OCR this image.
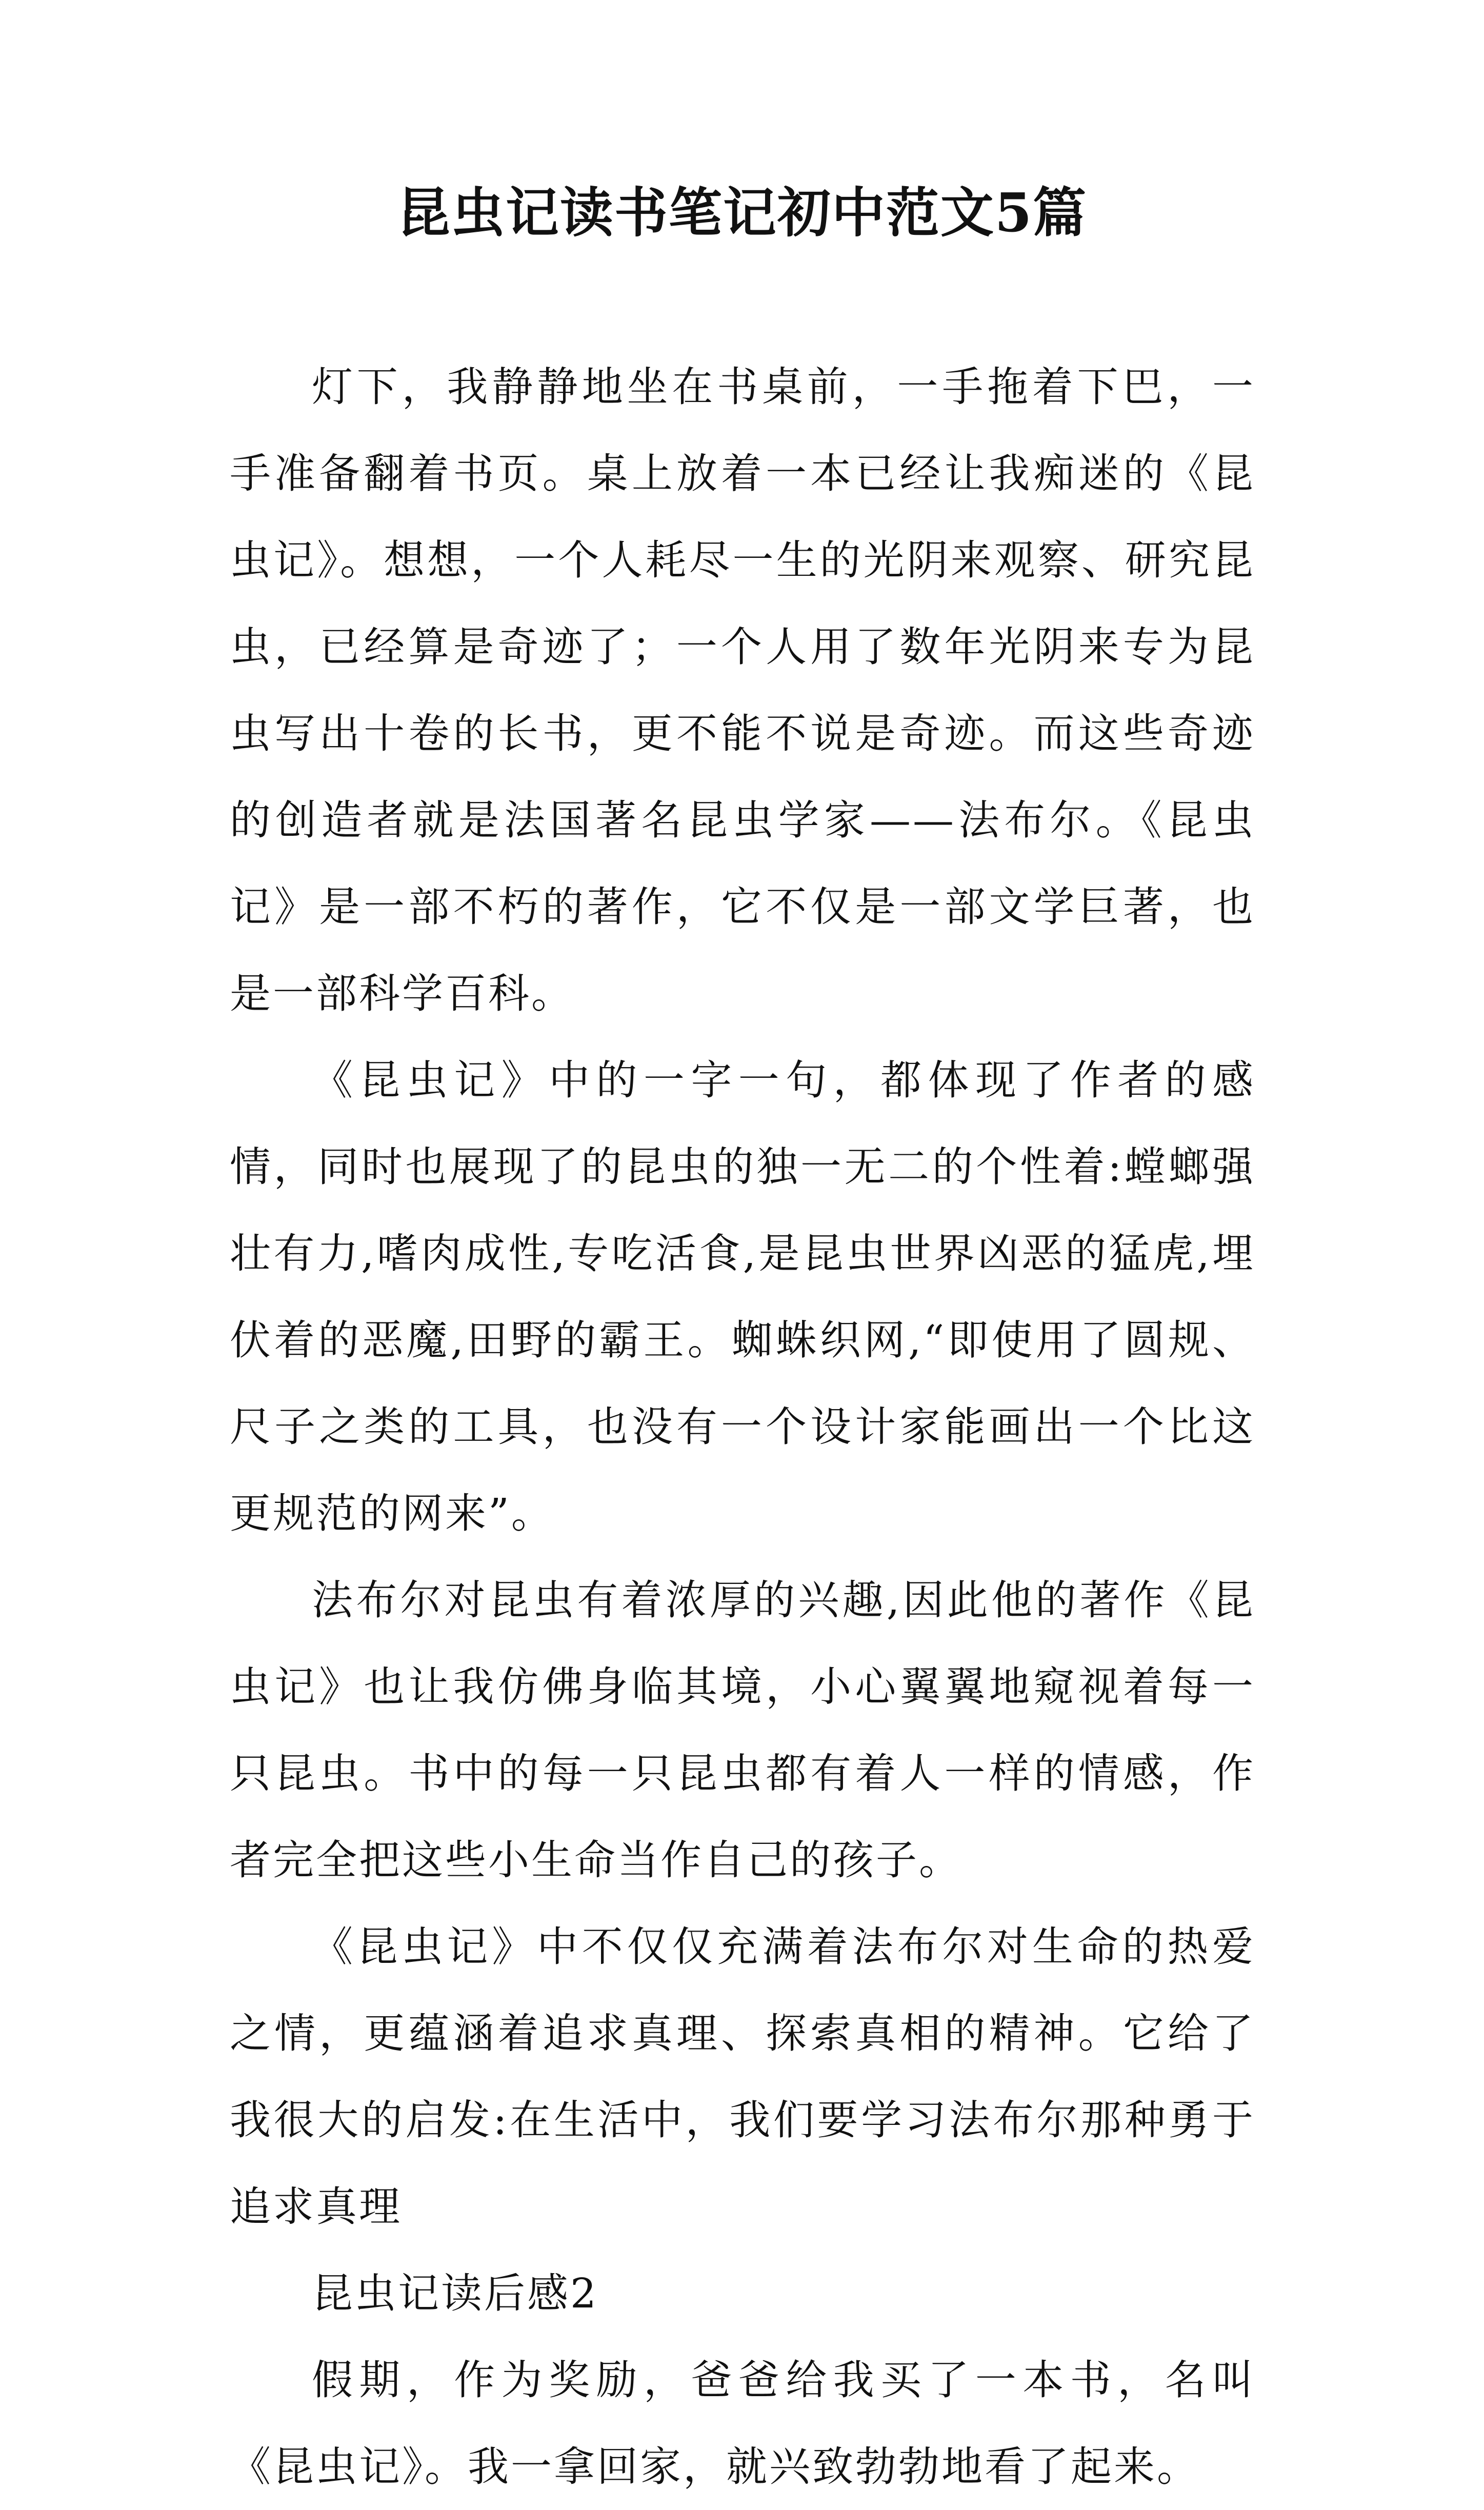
昆虫记读书笔记初中范文5篇

灯下，我静静地坐在书桌前，一手拖着下巴，一手准备翻着书页。桌上放着一本已经让我痴迷的《昆虫记》。想想，一个人耗尽一生的光阴来观察、研究昆虫，已经算是奇迹了；一个人用了数年光阴来专为昆虫写出十卷的长书，更不能不说是奇迹。而这些奇迹的创造者就是法国著名昆虫学家——法布尔。《昆虫记》是一部不朽的著作，它不仅是一部文学巨著，也是一部科学百科。

《昆虫记》中的一字一句，都体现了作者的感情，同时也展现了的昆虫的独一无二的个性着:螳螂强壮有力,嗜肉成性,专吃活食,是昆虫世界凶恶的猛虎,埋伏着的恶魔,田野的霸王。蜘蛛织网,“即使用了圆规、尺子之类的工具，也没有一个设计家能画出一个比这更规范的网来”。

法布尔对昆虫有着浓厚的兴趣,因此他的著作《昆虫记》也让我仿佛身临其境，小心翼翼地窥视着每一只昆虫。书中的每一只昆虫都有着人一样的情感，作者完全把这些小生命当作自己的孩子。

《昆虫记》中不仅仅充满着法布尔对生命的热爱之情，更蕴涵着追求真理、探索真相的精神。它给了我很大的启发:在生活中，我们要学习法布尔那种勇于追求真理

昆虫记读后感2

假期，作为奖励，爸爸给我买了一本书，名叫《昆虫记》。我一拿回家，就兴致勃勃地看了起来。
